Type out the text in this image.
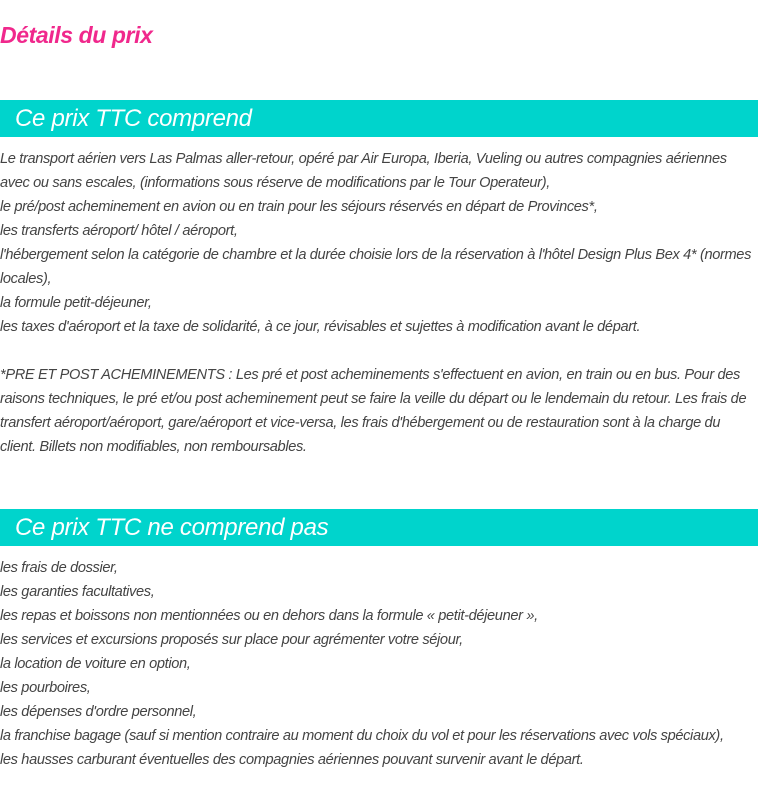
Détails du prix
Ce prix TTC comprend
Le transport aérien vers Las Palmas aller-retour, opéré par Air Europa, Iberia, Vueling ou autres compagnies aériennes avec ou sans escales, (informations sous réserve de modifications par le Tour Operateur),
le pré/post acheminement en avion ou en train pour les séjours réservés en départ de Provinces*,
les transferts aéroport/ hôtel / aéroport,
l'hébergement selon la catégorie de chambre et la durée choisie lors de la réservation à l'hôtel Design Plus Bex 4* (normes locales),
la formule petit-déjeuner,
les taxes d'aéroport et la taxe de solidarité, à ce jour, révisables et sujettes à modification avant le départ.

*PRE ET POST ACHEMINEMENTS : Les pré et post acheminements s'effectuent en avion, en train ou en bus. Pour des raisons techniques, le pré et/ou post acheminement peut se faire la veille du départ ou le lendemain du retour. Les frais de transfert aéroport/aéroport, gare/aéroport et vice-versa, les frais d'hébergement ou de restauration sont à la charge du client. Billets non modifiables, non remboursables.

Ce prix TTC ne comprend pas
les frais de dossier,
les garanties facultatives,
les repas et boissons non mentionnées ou en dehors dans la formule « petit-déjeuner »,
les services et excursions proposés sur place pour agrémenter votre séjour,
la location de voiture en option,
les pourboires,
les dépenses d'ordre personnel,
la franchise bagage (sauf si mention contraire au moment du choix du vol et pour les réservations avec vols spéciaux),
les hausses carburant éventuelles des compagnies aériennes pouvant survenir avant le départ.
